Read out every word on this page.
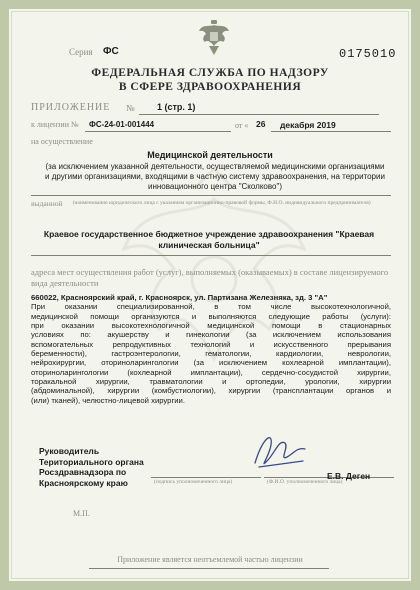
Серия ФС	0175010
ФЕДЕРАЛЬНАЯ СЛУЖБА ПО НАДЗОРУ
В СФЕРЕ ЗДРАВООХРАНЕНИЯ
ПРИЛОЖЕНИЕ № 1 (стр. 1)
к лицензии № ФС-24-01-001444	от « 26 декабря 2019
на осуществление
Медицинской деятельности
(за исключением указанной деятельности, осуществляемой медицинскими организациями и другими организациями, входящими в частную систему здравоохранения, на территории инновационного центра "Сколково")
выданной	(наименование юридического лица с указанием организационно-правовой формы, Ф.И.О. индивидуального предпринимателя)
Краевое государственное бюджетное учреждение здравоохранения "Краевая клиническая больница"
адреса мест осуществления работ (услуг), выполняемых (оказываемых) в составе лицензируемого вида деятельности
660022, Красноярский край, г. Красноярск, ул. Партизана Железняка, зд. 3 "А"
При оказании специализированной, в том числе высокотехнологичной,
медицинской помощи организуются и выполняются следующие работы (услуги):
при оказании высокотехнологичной медицинской помощи в стационарных
условиях по: акушерству и гинекологии (за исключением использования
вспомогательных репродуктивных технологий и искусственного прерывания
беременности), гастроэнтерологии, гематологии, кардиологии, неврологии,
нейрохирургии, оториноларингологии (за исключением кохлеарной имплантации),
оториноларингологии (кохлеарной имплантации), сердечно-сосудистой хирургии,
торакальной хирургии, травматологии и ортопедии, урологии, хирургии
(абдоминальной), хирургии (комбустиологии), хирургии (трансплантации органов и
(или) тканей), челюстно-лицевой хирургии.
Руководитель Териториального органа Росздравнадзора по Красноярскому краю	(подпись уполномоченного лица)	(Ф.И.О. уполномоченного лица)
Е.В. Деген
М.П.
Приложение является неотъемлемой частью лицензии
